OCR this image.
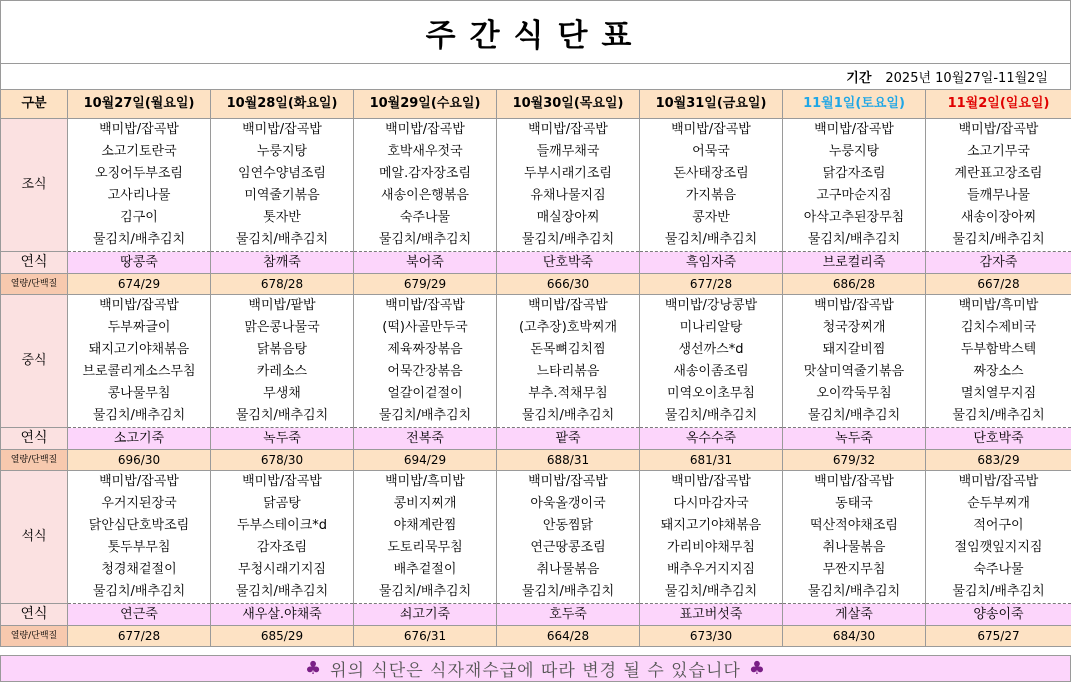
주간식단표
기간 2025년 10월27일-11월2일
구분	10월27일(월요일)	10월28일(화요일)	10월29일(수요일)	10월30일(목요일)	10월31일(금요일)	11월1일(토요일)	11월2일(일요일)
조식	백미밥/잡곡밥	백미밥/잡곡밥	백미밥/잡곡밥	백미밥/잡곡밥	백미밥/잡곡밥	백미밥/잡곡밥	백미밥/잡곡밥
	소고기토란국	누룽지탕	호박새우젓국	들깨무채국	어묵국	누룽지탕	소고기무국
	오징어두부조림	임연수양념조림	메알.감자장조림	두부시래기조림	돈사태장조림	닭감자조림	계란표고장조림
	고사리나물	미역줄기볶음	새송이은행볶음	유채나물지짐	가지볶음	고구마순지짐	들깨무나물
	김구이	톳자반	숙주나물	매실장아찌	콩자반	아삭고추된장무침	새송이장아찌
	물김치/배추김치	물김치/배추김치	물김치/배추김치	물김치/배추김치	물김치/배추김치	물김치/배추김치	물김치/배추김치
연식	땅콩죽	참깨죽	북어죽	단호박죽	흑임자죽	브로컬리죽	감자죽
열량/단백질	674/29	678/28	679/29	666/30	677/28	686/28	667/28
중식	백미밥/잡곡밥	백미밥/팥밥	백미밥/잡곡밥	백미밥/잡곡밥	백미밥/강낭콩밥	백미밥/잡곡밥	백미밥/흑미밥
	두부짜글이	맑은콩나물국	(떡)사골만두국	(고추장)호박찌개	미나리알탕	청국장찌개	김치수제비국
	돼지고기야채볶음	닭볶음탕	제육짜장볶음	돈목뼈김치찜	생선까스*d	돼지갈비찜	두부함박스텍
	브로콜리게소스무침	카레소스	어묵간장볶음	느타리볶음	새송이좀조림	맛살미역줄기볶음	짜장소스
	콩나물무침	무생채	얼갈이겉절이	부추.적채무침	미역오이초무침	오이깍둑무침	멸치열무지짐
	물김치/배추김치	물김치/배추김치	물김치/배추김치	물김치/배추김치	물김치/배추김치	물김치/배추김치	물김치/배추김치
연식	소고기죽	녹두죽	전복죽	팥죽	옥수수죽	녹두죽	단호박죽
열량/단백질	696/30	678/30	694/29	688/31	681/31	679/32	683/29
석식	백미밥/잡곡밥	백미밥/잡곡밥	백미밥/흑미밥	백미밥/잡곡밥	백미밥/잡곡밥	백미밥/잡곡밥	백미밥/잡곡밥
	우거지된장국	닭곰탕	콩비지찌개	아욱올갱이국	다시마감자국	동태국	순두부찌개
	닭안심단호박조림	두부스테이크*d	야채계란찜	안동찜닭	돼지고기야채볶음	떡산적야채조림	적어구이
	톳두부무침	감자조림	도토리묵무침	연근땅콩조림	가리비야채무침	취나물볶음	절임깻잎지지짐
	청경채겉절이	무청시래기지짐	배추겉절이	취나물볶음	배추우거지지짐	무짠지무침	숙주나물
	물김치/배추김치	물김치/배추김치	물김치/배추김치	물김치/배추김치	물김치/배추김치	물김치/배추김치	물김치/배추김치
연식	연근죽	새우살.야채죽	쇠고기죽	호두죽	표고버섯죽	게살죽	양송이죽
열량/단백질	677/28	685/29	676/31	664/28	673/30	684/30	675/27
♣ 위의 식단은 식자재수급에 따라 변경 될 수 있습니다 ♣
